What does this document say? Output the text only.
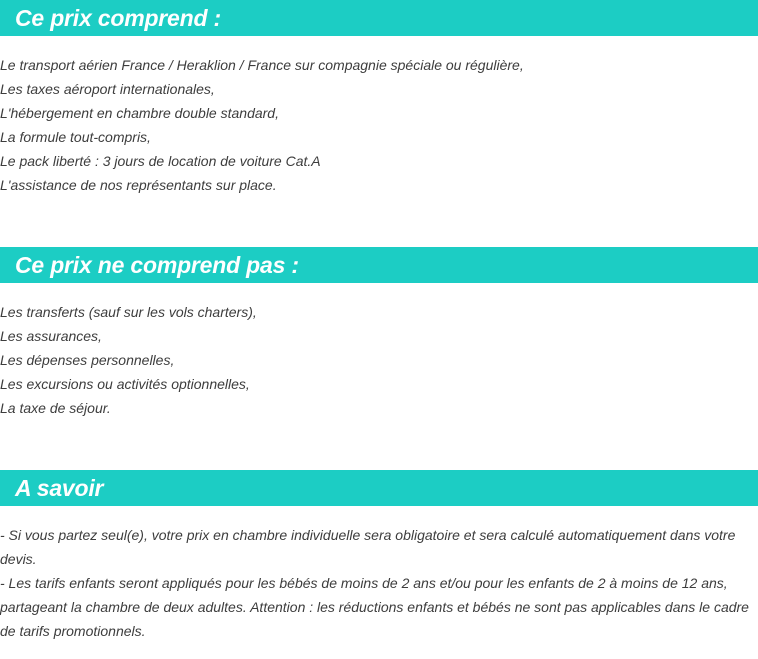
Ce prix comprend :
Le transport aérien France / Heraklion / France sur compagnie spéciale ou régulière,
Les taxes aéroport internationales,
L'hébergement en chambre double standard,
La formule tout-compris,
Le pack liberté : 3 jours de location de voiture Cat.A
L'assistance de nos représentants sur place.
Ce prix ne comprend pas :
Les transferts (sauf sur les vols charters),
Les assurances,
Les dépenses personnelles,
Les excursions ou activités optionnelles,
La taxe de séjour.
A savoir
- Si vous partez seul(e), votre prix en chambre individuelle sera obligatoire et sera calculé automatiquement dans votre devis.
- Les tarifs enfants seront appliqués pour les bébés de moins de 2 ans et/ou pour les enfants de 2 à moins de 12 ans, partageant la chambre de deux adultes. Attention : les réductions enfants et bébés ne sont pas applicables dans le cadre de tarifs promotionnels.
